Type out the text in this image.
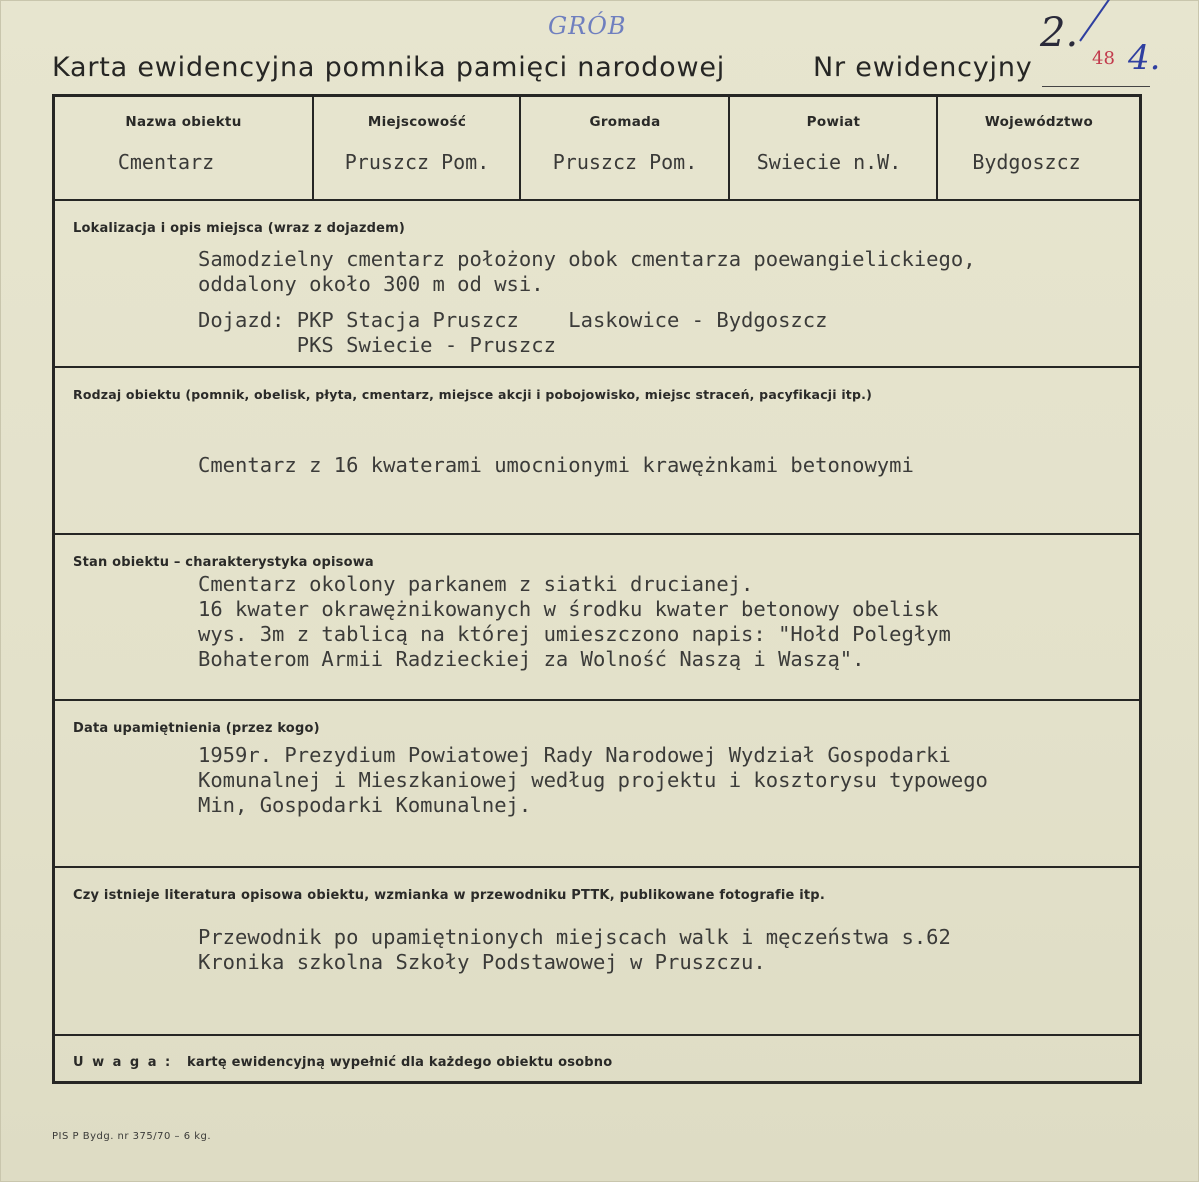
GRÓB	2.
48 4.
Karta ewidencyjna pomnika pamięci narodowej	Nr ewidencyjny
Nazwa obiektu
Cmentarz
Miejscowość
Pruszcz Pom.
Gromada
Pruszcz Pom.
Powiat
Swiecie n.W.
Województwo
Bydgoszcz
Lokalizacja i opis miejsca (wraz z dojazdem)
Samodzielny cmentarz położony obok cmentarza poewangielickiego,
oddalony około 300 m od wsi.
Dojazd: PKP Stacja Pruszcz    Laskowice - Bydgoszcz
PKS Swiecie - Pruszcz
Rodzaj obiektu (pomnik, obelisk, płyta, cmentarz, miejsce akcji i pobojowisko, miejsc straceń, pacyfikacji itp.)
Cmentarz z 16 kwaterami umocnionymi krawężnkami betonowymi
Stan obiektu – charakterystyka opisowa
Cmentarz okolony parkanem z siatki drucianej.
16 kwater okrawężnikowanych w środku kwater betonowy obelisk
wys. 3m z tablicą na której umieszczono napis: "Hołd Poległym
Bohaterom Armii Radzieckiej za Wolność Naszą i Waszą".
Data upamiętnienia (przez kogo)
1959r. Prezydium Powiatowej Rady Narodowej Wydział Gospodarki
Komunalnej i Mieszkaniowej według projektu i kosztorysu typowego
Min, Gospodarki Komunalnej.
Czy istnieje literatura opisowa obiektu, wzmianka w przewodniku PTTK, publikowane fotografie itp.
Przewodnik po upamiętnionych miejscach walk i męczeństwa s.62
Kronika szkolna Szkoły Podstawowej w Pruszczu.
U w a g a : kartę ewidencyjną wypełnić dla każdego obiektu osobno
PIS P Bydg. nr 375/70 – 6 kg.
